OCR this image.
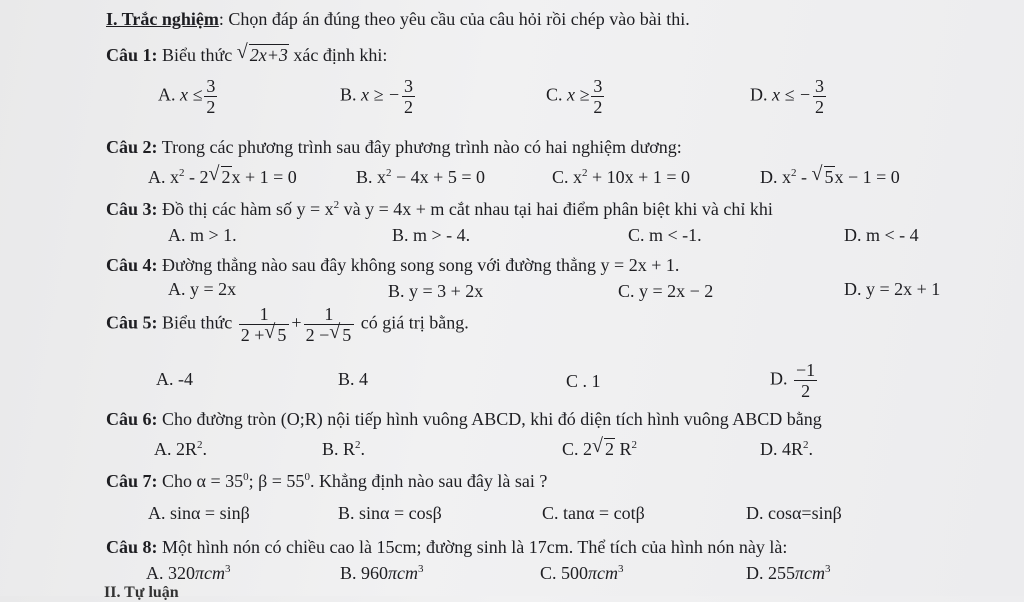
I. Trắc nghiệm: Chọn đáp án đúng theo yêu cầu của câu hỏi rồi chép vào bài thi.
Câu 1: Biểu thức √ 2x+3 xác định khi:
A. $x \le \frac{3}{2}$	B. x ≥ − $\frac{3}{2}$	C. $x \ge \frac{3}{2}$	D. x ≤ − $\frac{3}{2}$
Câu 2: Trong các phương trình sau đây phương trình nào có hai nghiệm dương:
A. $x^2 - 2$ √ 2x + 1 = 0	B. $x^2 - 4x + 5 = 0$	C. $x^2 + 10x + 1 = 0$	D. $x^2$ - √ 5x − 1 = 0
Câu 3: Đồ thị các hàm số $y = x^2$ và y = 4x + m cắt nhau tại hai điểm phân biệt khi và chỉ khi
A. m > 1.	B. m > - 4.	C. m < -1.	D. m < - 4
Câu 4: Đường thẳng nào sau đây không song song với đường thẳng y = 2x + 1.
A. y = 2x	B. y = 3 + 2x	C. y = 2x − 2	D. y = 2x + 1
Câu 5: Biểu thức $\frac{1}{2 + √ 5} + \frac{1}{2 - √ 5}$ có giá trị bằng.
A. -4	B. 4	C . 1	D. $\frac{-1}{2}$
Câu 6: Cho đường tròn (O;R) nội tiếp hình vuông ABCD, khi đó diện tích hình vuông ABCD bằng
A. $2R^2$.	B. $R^2$.	C. 2 √ 2 $R^2$	D. $4R^2$.
Câu 7: Cho $\alpha = 35^0$; $\beta = 55^0$. Khẳng định nào sau đây là sai ?
A. sinα = sinβ	B. sinα = cosβ	C. tanα = cotβ	D. cosα=sinβ
Câu 8: Một hình nón có chiều cao là 15cm; đường sinh là 17cm. Thể tích của hình nón này là:
A. 320πcm$^3$	B. 960πcm$^3$	C. 500πcm$^3$	D. 255πcm$^3$
II. Tự luận
